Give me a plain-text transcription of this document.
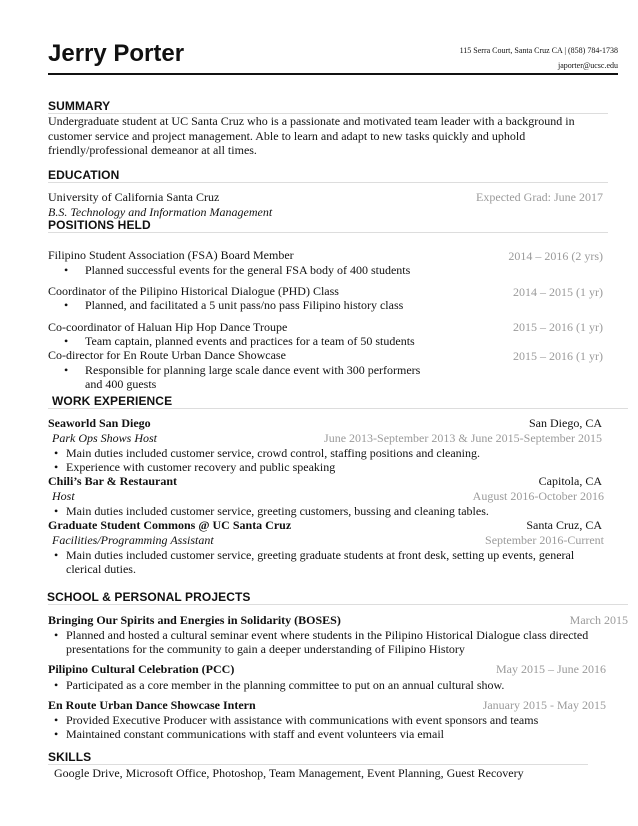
Jerry Porter	115 Serra Court, Santa Cruz CA | (858) 784-1738
japorter@ucsc.edu
SUMMARY
Undergraduate student at UC Santa Cruz who is a passionate and motivated team leader with a background in
customer service and project management. Able to learn and adapt to new tasks quickly and uphold
friendly/professional demeanor at all times.
EDUCATION
University of California Santa Cruz	Expected Grad: June 2017
B.S. Technology and Information Management
POSITIONS HELD
Filipino Student Association (FSA) Board Member	2014 – 2016 (2 yrs)
• Planned successful events for the general FSA body of 400 students
Coordinator of the Pilipino Historical Dialogue (PHD) Class	2014 – 2015 (1 yr)
• Planned, and facilitated a 5 unit pass/no pass Filipino history class
Co-coordinator of Haluan Hip Hop Dance Troupe	2015 – 2016 (1 yr)
• Team captain, planned events and practices for a team of 50 students
Co-director for En Route Urban Dance Showcase	2015 – 2016 (1 yr)
• Responsible for planning large scale dance event with 300 performers
and 400 guests
WORK EXPERIENCE
Seaworld San Diego	San Diego, CA
Park Ops Shows Host	June 2013-September 2013 & June 2015-September 2015
• Main duties included customer service, crowd control, staffing positions and cleaning.
• Experience with customer recovery and public speaking
Chili’s Bar & Restaurant	Capitola, CA
Host	August 2016-October 2016
• Main duties included customer service, greeting customers, bussing and cleaning tables.
Graduate Student Commons @ UC Santa Cruz	Santa Cruz, CA
Facilities/Programming Assistant	September 2016-Current
• Main duties included customer service, greeting graduate students at front desk, setting up events, general
clerical duties.
SCHOOL & PERSONAL PROJECTS
Bringing Our Spirits and Energies in Solidarity (BOSES)	March 2015
• Planned and hosted a cultural seminar event where students in the Pilipino Historical Dialogue class directed
presentations for the community to gain a deeper understanding of Filipino History
Pilipino Cultural Celebration (PCC)	May 2015 – June 2016
• Participated as a core member in the planning committee to put on an annual cultural show.
En Route Urban Dance Showcase Intern	January 2015 - May 2015
• Provided Executive Producer with assistance with communications with event sponsors and teams
• Maintained constant communications with staff and event volunteers via email
SKILLS
Google Drive, Microsoft Office, Photoshop, Team Management, Event Planning, Guest Recovery
